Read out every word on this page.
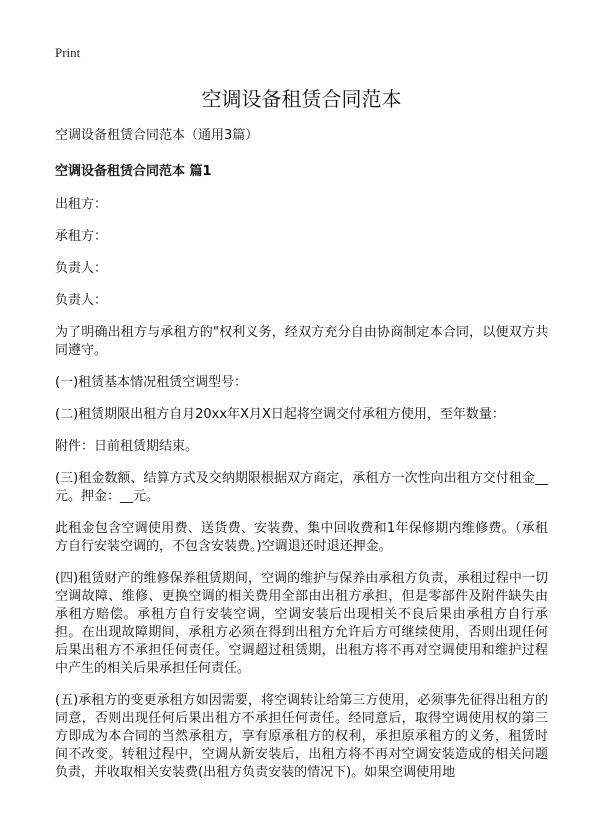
Print
空调设备租赁合同范本

空调设备租赁合同范本（通用3篇）

空调设备租赁合同范本 篇1

出租方：

承租方：

负责人：

负责人：

为了明确出租方与承租方的"权利义务，经双方充分自由协商制定本合同，以便双方共同遵守。

(一)租赁基本情况租赁空调型号：

(二)租赁期限出租方自月20xx年X月X日起将空调交付承租方使用，至年数量：

附件：日前租赁期结束。

(三)租金数额、结算方式及交纳期限根据双方商定，承租方一次性向出租方交付租金__元。押金：__元。

此租金包含空调使用费、送货费、安装费、集中回收费和1年保修期内维修费。（承租方自行安装空调的，不包含安装费。)空调退还时退还押金。

(四)租赁财产的维修保养租赁期间，空调的维护与保养由承租方负责，承租过程中一切空调故障、维修、更换空调的相关费用全部由出租方承担，但是零部件及附件缺失由承租方赔偿。承租方自行安装空调，空调安装后出现相关不良后果由承租方自行承担。在出现故障期间，承租方必须在得到出租方允许后方可继续使用，否则出现任何后果出租方不承担任何责任。空调超过租赁期，出租方将不再对空调使用和维护过程中产生的相关后果承担任何责任。

(五)承租方的变更承租方如因需要，将空调转让给第三方使用，必须事先征得出租方的同意，否则出现任何后果出租方不承担任何责任。经同意后，取得空调使用权的第三方即成为本合同的当然承租方，享有原承租方的权利，承担原承租方的义务，租赁时间不改变。转租过程中，空调从新安装后，出租方将不再对空调安装造成的相关问题负责，并收取相关安装费(出租方负责安装的情况下)。如果空调使用地
